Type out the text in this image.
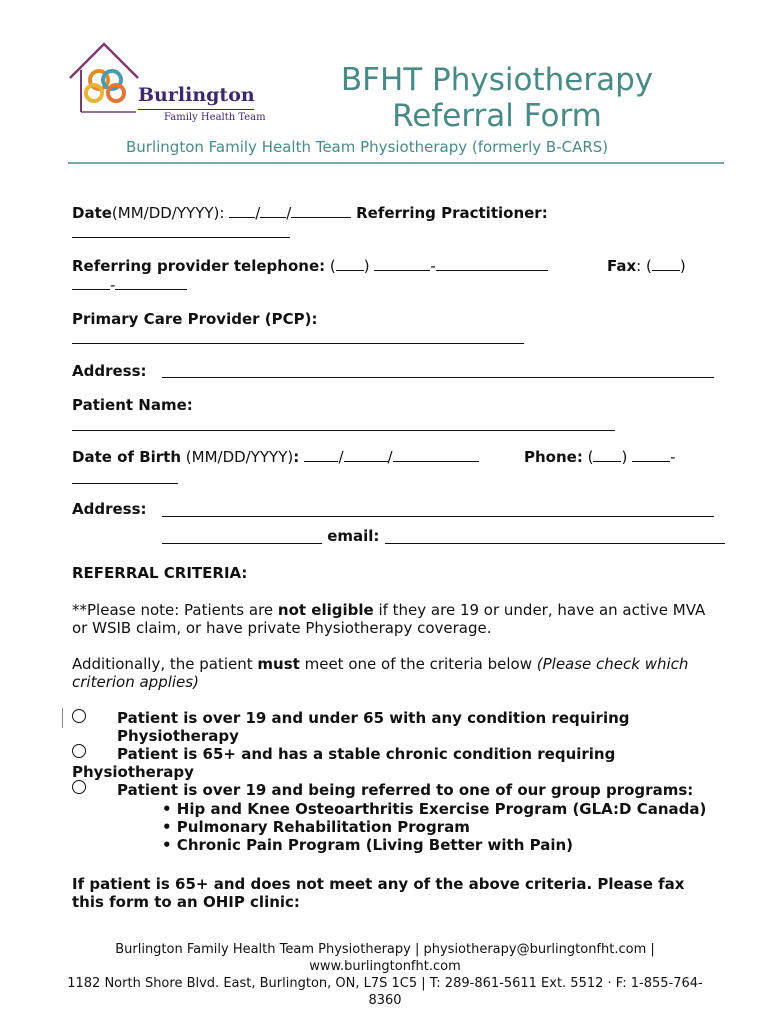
Burlington
Family Health Team
BFHT Physiotherapy
Referral Form
Burlington Family Health Team Physiotherapy (formerly B-CARS)
Date(MM/DD/YYYY): / /	Referring Practitioner:
Referring provider telephone: ( )	-	Fax: ( )
-
Primary Care Provider (PCP):
Address:
Patient Name:
Date of Birth (MM/DD/YYYY): /	/	Phone: ( )	-
Address:
email:
REFERRAL CRITERIA:
**Please note: Patients are not eligible if they are 19 or under, have an active MVA
or WSIB claim, or have private Physiotherapy coverage.
Additionally, the patient must meet one of the criteria below (Please check which
criterion applies)
Patient is over 19 and under 65 with any condition requiring
Physiotherapy
Patient is 65+ and has a stable chronic condition requiring
Physiotherapy
Patient is over 19 and being referred to one of our group programs:
• Hip and Knee Osteoarthritis Exercise Program (GLA:D Canada)
• Pulmonary Rehabilitation Program
• Chronic Pain Program (Living Better with Pain)
If patient is 65+ and does not meet any of the above criteria. Please fax
this form to an OHIP clinic:
Burlington Family Health Team Physiotherapy | physiotherapy@burlingtonfht.com |
www.burlingtonfht.com
1182 North Shore Blvd. East, Burlington, ON, L7S 1C5 | T: 289-861-5611 Ext. 5512 · F: 1-855-764-
8360
